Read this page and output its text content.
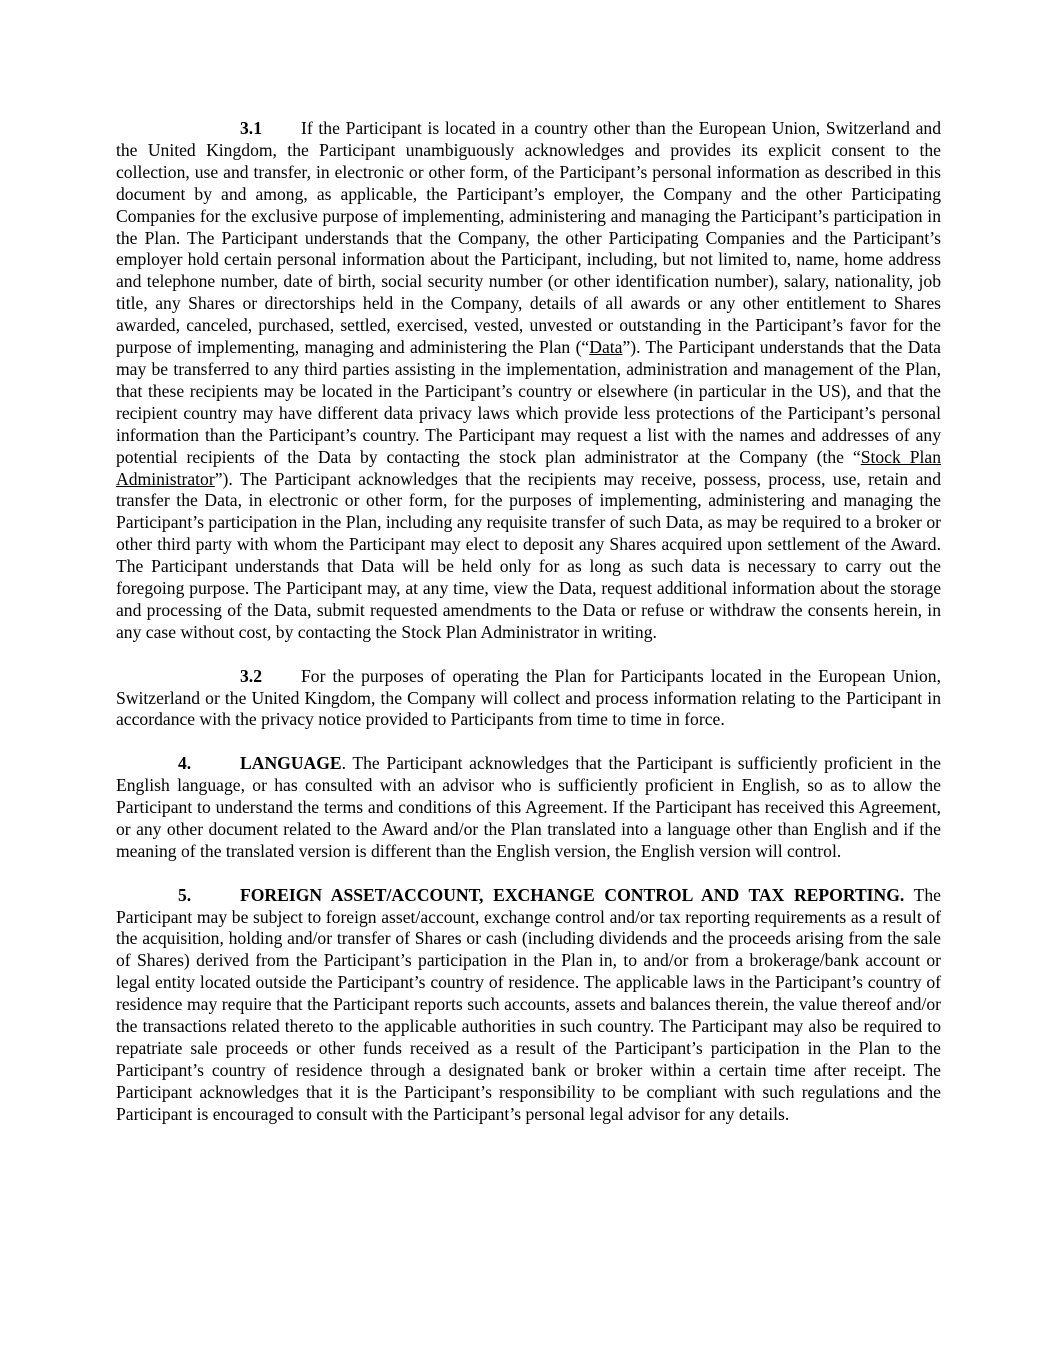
3.1 If the Participant is located in a country other than the European Union, Switzerland and the United Kingdom, the Participant unambiguously acknowledges and provides its explicit consent to the collection, use and transfer, in electronic or other form, of the Participant’s personal information as described in this document by and among, as applicable, the Participant’s employer, the Company and the other Participating Companies for the exclusive purpose of implementing, administering and managing the Participant’s participation in the Plan. The Participant understands that the Company, the other Participating Companies and the Participant’s employer hold certain personal information about the Participant, including, but not limited to, name, home address and telephone number, date of birth, social security number (or other identification number), salary, nationality, job title, any Shares or directorships held in the Company, details of all awards or any other entitlement to Shares awarded, canceled, purchased, settled, exercised, vested, unvested or outstanding in the Participant’s favor for the purpose of implementing, managing and administering the Plan (“Data”). The Participant understands that the Data may be transferred to any third parties assisting in the implementation, administration and management of the Plan, that these recipients may be located in the Participant’s country or elsewhere (in particular in the US), and that the recipient country may have different data privacy laws which provide less protections of the Participant’s personal information than the Participant’s country. The Participant may request a list with the names and addresses of any potential recipients of the Data by contacting the stock plan administrator at the Company (the “Stock Plan Administrator”). The Participant acknowledges that the recipients may receive, possess, process, use, retain and transfer the Data, in electronic or other form, for the purposes of implementing, administering and managing the Participant’s participation in the Plan, including any requisite transfer of such Data, as may be required to a broker or other third party with whom the Participant may elect to deposit any Shares acquired upon settlement of the Award. The Participant understands that Data will be held only for as long as such data is necessary to carry out the foregoing purpose. The Participant may, at any time, view the Data, request additional information about the storage and processing of the Data, submit requested amendments to the Data or refuse or withdraw the consents herein, in any case without cost, by contacting the Stock Plan Administrator in writing.

3.2 For the purposes of operating the Plan for Participants located in the European Union, Switzerland or the United Kingdom, the Company will collect and process information relating to the Participant in accordance with the privacy notice provided to Participants from time to time in force.

4.	LANGUAGE. The Participant acknowledges that the Participant is sufficiently proficient in the English language, or has consulted with an advisor who is sufficiently proficient in English, so as to allow the Participant to understand the terms and conditions of this Agreement. If the Participant has received this Agreement, or any other document related to the Award and/or the Plan translated into a language other than English and if the meaning of the translated version is different than the English version, the English version will control.

5.	FOREIGN ASSET/ACCOUNT, EXCHANGE CONTROL AND TAX REPORTING. The Participant may be subject to foreign asset/account, exchange control and/or tax reporting requirements as a result of the acquisition, holding and/or transfer of Shares or cash (including dividends and the proceeds arising from the sale of Shares) derived from the Participant’s participation in the Plan in, to and/or from a brokerage/bank account or legal entity located outside the Participant’s country of residence. The applicable laws in the Participant’s country of residence may require that the Participant reports such accounts, assets and balances therein, the value thereof and/or the transactions related thereto to the applicable authorities in such country. The Participant may also be required to repatriate sale proceeds or other funds received as a result of the Participant’s participation in the Plan to the Participant’s country of residence through a designated bank or broker within a certain time after receipt. The Participant acknowledges that it is the Participant’s responsibility to be compliant with such regulations and the Participant is encouraged to consult with the Participant’s personal legal advisor for any details.
